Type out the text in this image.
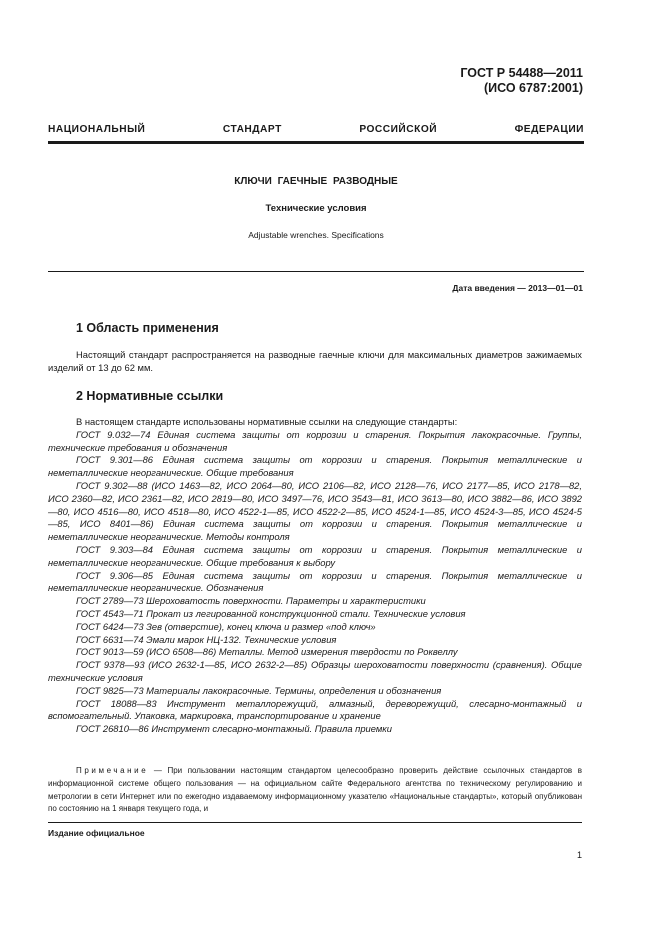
ГОСТ Р 54488—2011
(ИСО 6787:2001)
НАЦИОНАЛЬНЫЙ	СТАНДАРТ	РОССИЙСКОЙ	ФЕДЕРАЦИИ
КЛЮЧИ ГАЕЧНЫЕ РАЗВОДНЫЕ
Технические условия
Adjustable wrenches. Specifications
Дата введения — 2013—01—01
1 Область применения

Настоящий стандарт распространяется на разводные гаечные ключи для максимальных диаметров зажимаемых изделий от 13 до 62 мм.

2 Нормативные ссылки

В настоящем стандарте использованы нормативные ссылки на следующие стандарты:

ГОСТ 9.032—74 Единая система защиты от коррозии и старения. Покрытия лакокрасочные. Группы, технические требования и обозначения

ГОСТ 9.301—86 Единая система защиты от коррозии и старения. Покрытия металлические и неметаллические неорганические. Общие требования

ГОСТ 9.302—88 (ИСО 1463—82, ИСО 2064—80, ИСО 2106—82, ИСО 2128—76, ИСО 2177—85, ИСО 2178—82, ИСО 2360—82, ИСО 2361—82, ИСО 2819—80, ИСО 3497—76, ИСО 3543—81, ИСО 3613—80, ИСО 3882—86, ИСО 3892—80, ИСО 4516—80, ИСО 4518—80, ИСО 4522-1—85, ИСО 4522-2—85, ИСО 4524-1—85, ИСО 4524-3—85, ИСО 4524-5—85, ИСО 8401—86) Единая система защиты от коррозии и старения. Покрытия металлические и неметаллические неорганические. Методы контроля

ГОСТ 9.303—84 Единая система защиты от коррозии и старения. Покрытия металлические и неметаллические неорганические. Общие требования к выбору

ГОСТ 9.306—85 Единая система защиты от коррозии и старения. Покрытия металлические и неметаллические неорганические. Обозначения

ГОСТ 2789—73 Шероховатость поверхности. Параметры и характеристики

ГОСТ 4543—71 Прокат из легированной конструкционной стали. Технические условия

ГОСТ 6424—73 Зев (отверстие), конец ключа и размер «под ключ»

ГОСТ 6631—74 Эмали марок НЦ-132. Технические условия

ГОСТ 9013—59 (ИСО 6508—86) Металлы. Метод измерения твердости по Роквеллу

ГОСТ 9378—93 (ИСО 2632-1—85, ИСО 2632-2—85) Образцы шероховатости поверхности (сравнения). Общие технические условия

ГОСТ 9825—73 Материалы лакокрасочные. Термины, определения и обозначения

ГОСТ 18088—83 Инструмент металлорежущий, алмазный, дереворежущий, слесарно-монтажный и вспомогательный. Упаковка, маркировка, транспортирование и хранение

ГОСТ 26810—86 Инструмент слесарно-монтажный. Правила приемки

Примечание — При пользовании настоящим стандартом целесообразно проверить действие ссылочных стандартов в информационной системе общего пользования — на официальном сайте Федерального агентства по техническому регулированию и метрологии в сети Интернет или по ежегодно издаваемому информационному указателю «Национальные стандарты», который опубликован по состоянию на 1 января текущего года, и

Издание официальное
1
